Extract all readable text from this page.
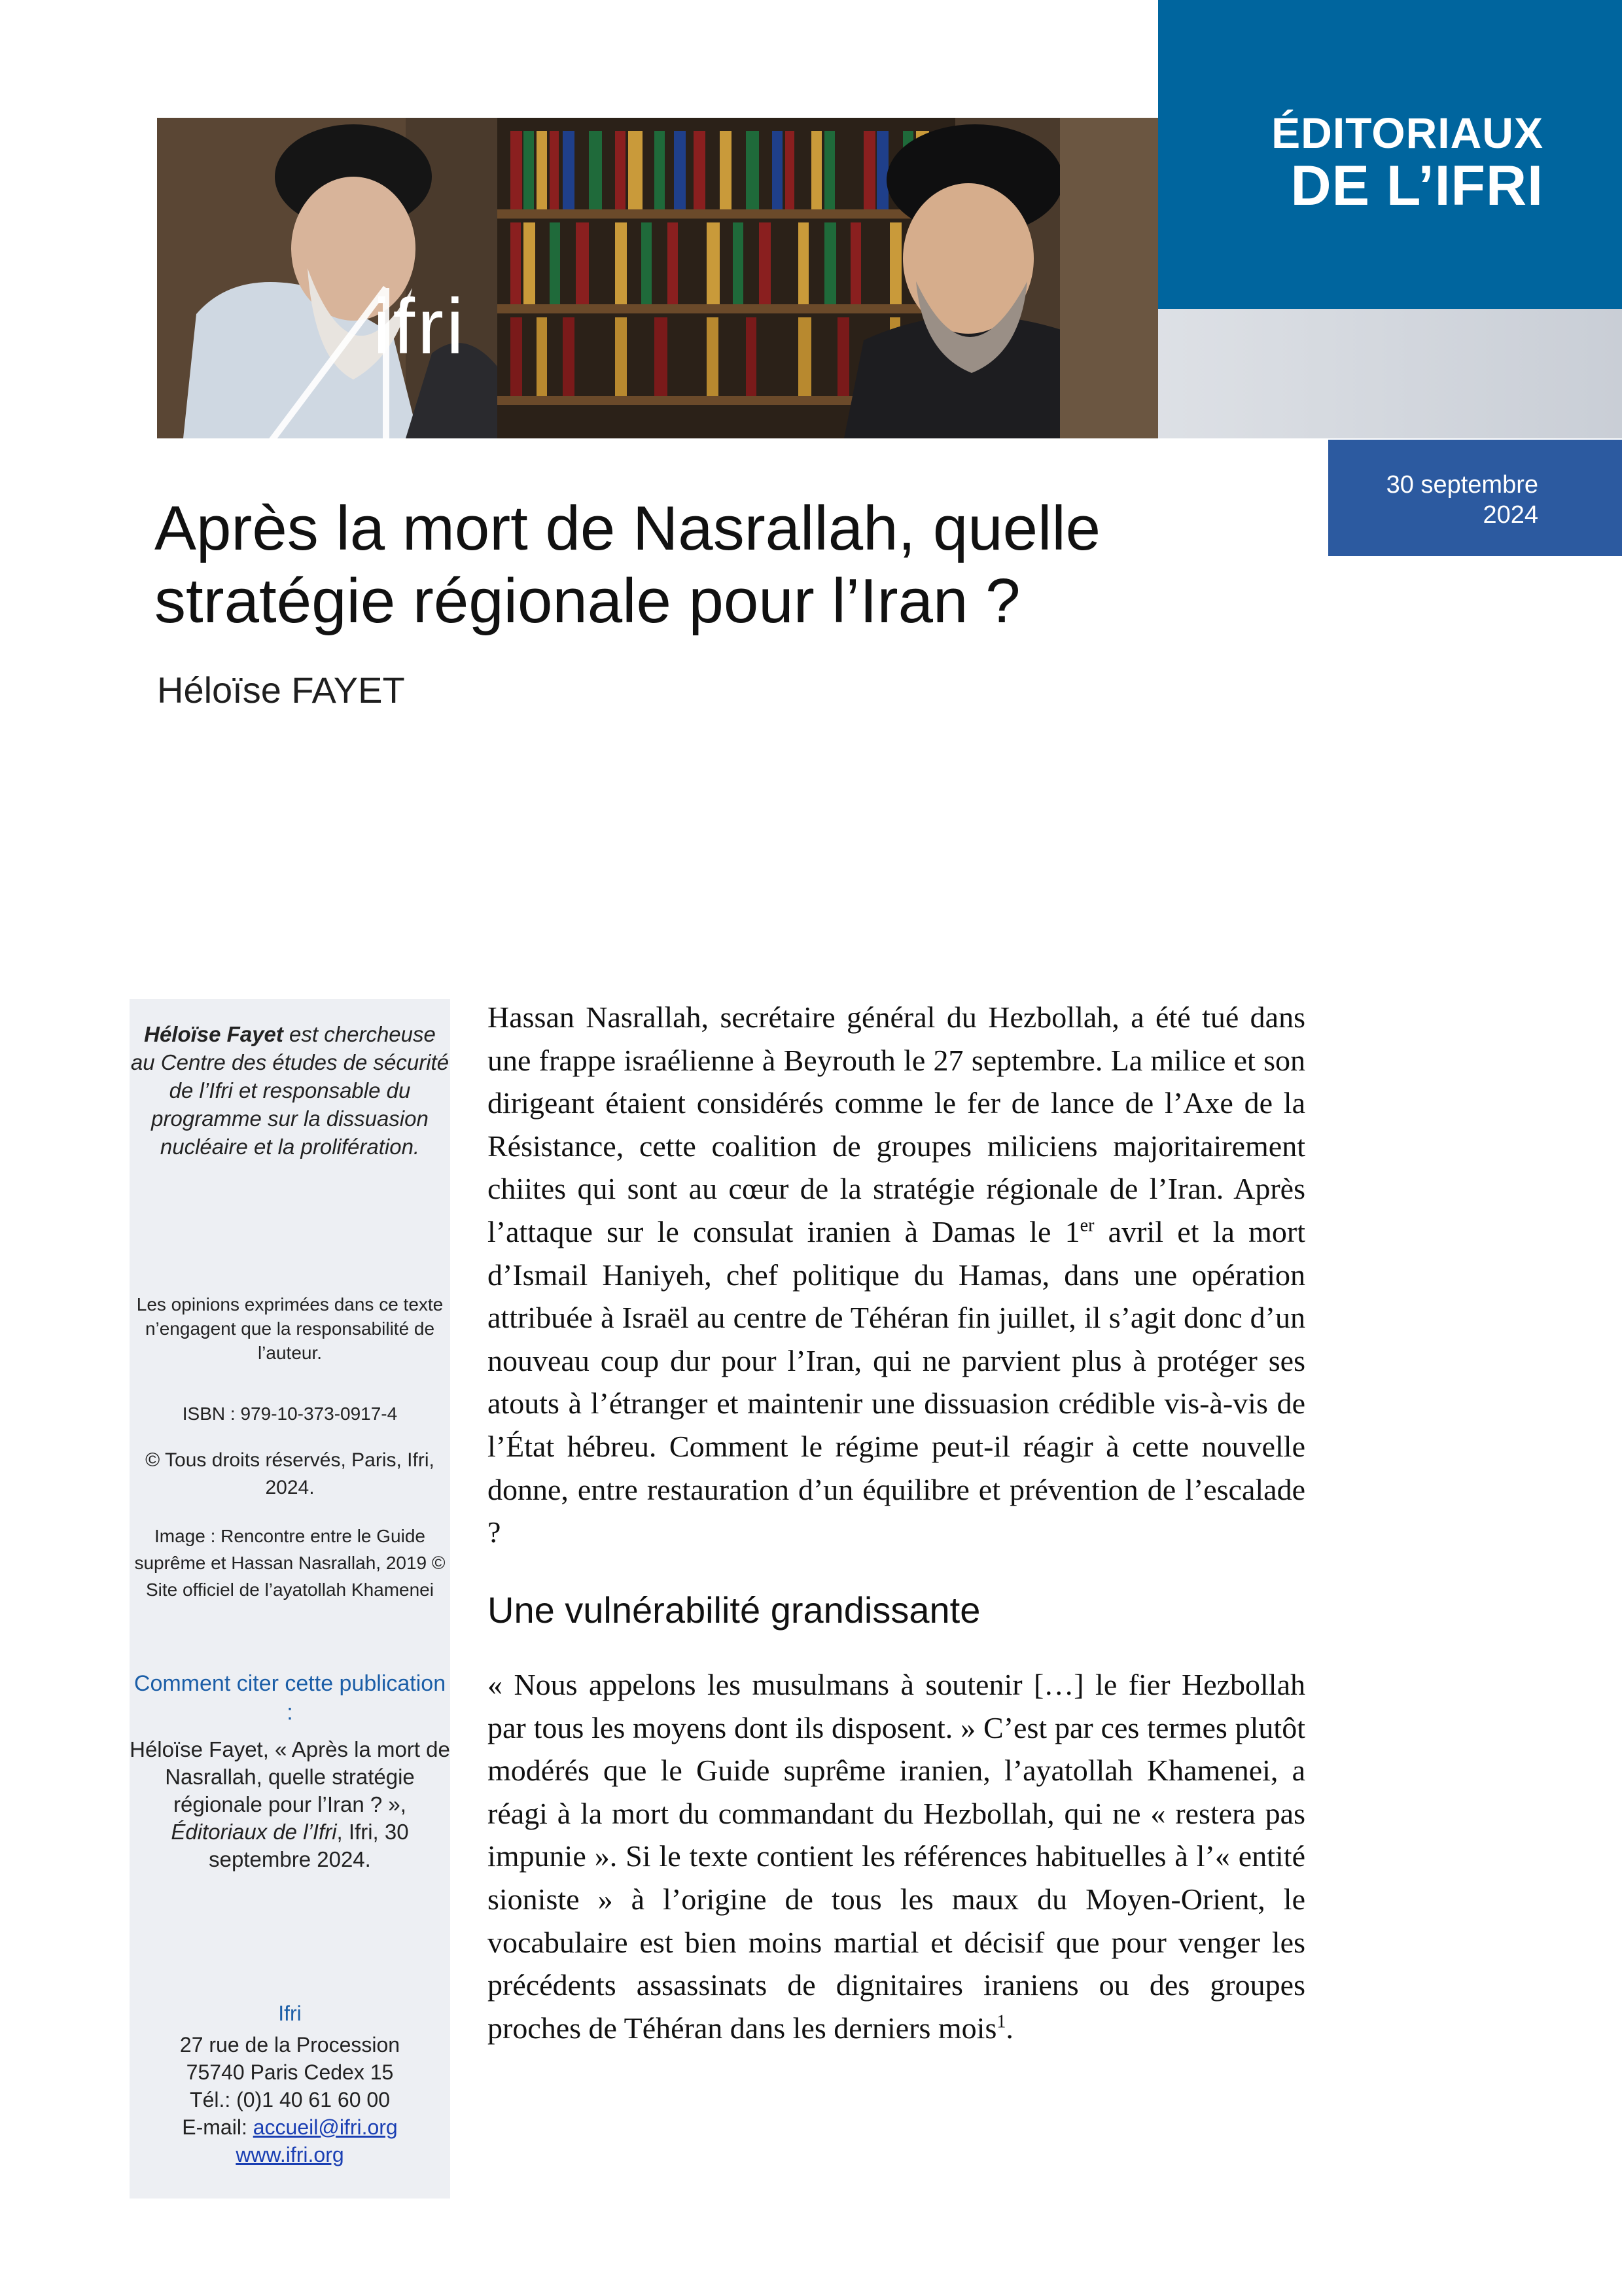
ifri
ÉDITORIAUX
DE L’IFRI
30 septembre
2024
Après la mort de Nasrallah, quelle stratégie régionale pour l’Iran ?
Héloïse FAYET
Héloïse Fayet est chercheuse au Centre des études de sécurité de l’Ifri et responsable du programme sur la dissuasion nucléaire et la prolifération.
Les opinions exprimées dans ce texte n’engagent que la responsabilité de l’auteur.
ISBN : 979-10-373-0917-4
© Tous droits réservés, Paris, Ifri, 2024.
Image : Rencontre entre le Guide suprême et Hassan Nasrallah, 2019 © Site officiel de l’ayatollah Khamenei
Comment citer cette publication :
Héloïse Fayet, « Après la mort de Nasrallah, quelle stratégie régionale pour l’Iran ? », Éditoriaux de l’Ifri, Ifri, 30 septembre 2024.
Ifri
27 rue de la Procession
75740 Paris Cedex 15
Tél.: (0)1 40 61 60 00
E-mail: accueil@ifri.org
www.ifri.org

Hassan Nasrallah, secrétaire général du Hezbollah, a été tué dans une frappe israélienne à Beyrouth le 27 septembre. La milice et son dirigeant étaient considérés comme le fer de lance de l’Axe de la Résistance, cette coalition de groupes miliciens majoritairement chiites qui sont au cœur de la stratégie régionale de l’Iran. Après l’attaque sur le consulat iranien à Damas le 1er avril et la mort d’Ismail Haniyeh, chef politique du Hamas, dans une opération attribuée à Israël au centre de Téhéran fin juillet, il s’agit donc d’un nouveau coup dur pour l’Iran, qui ne parvient plus à protéger ses atouts à l’étranger et maintenir une dissuasion crédible vis-à-vis de l’État hébreu. Comment le régime peut-il réagir à cette nouvelle donne, entre restauration d’un équilibre et prévention de l’escalade ?

Une vulnérabilité grandissante

« Nous appelons les musulmans à soutenir […] le fier Hezbollah par tous les moyens dont ils disposent. » C’est par ces termes plutôt modérés que le Guide suprême iranien, l’ayatollah Khamenei, a réagi à la mort du commandant du Hezbollah, qui ne « restera pas impunie ». Si le texte contient les références habituelles à l’« entité sioniste » à l’origine de tous les maux du Moyen-Orient, le vocabulaire est bien moins martial et décisif que pour venger les précédents assassinats de dignitaires iraniens ou des groupes proches de Téhéran dans les derniers mois$^1$.
